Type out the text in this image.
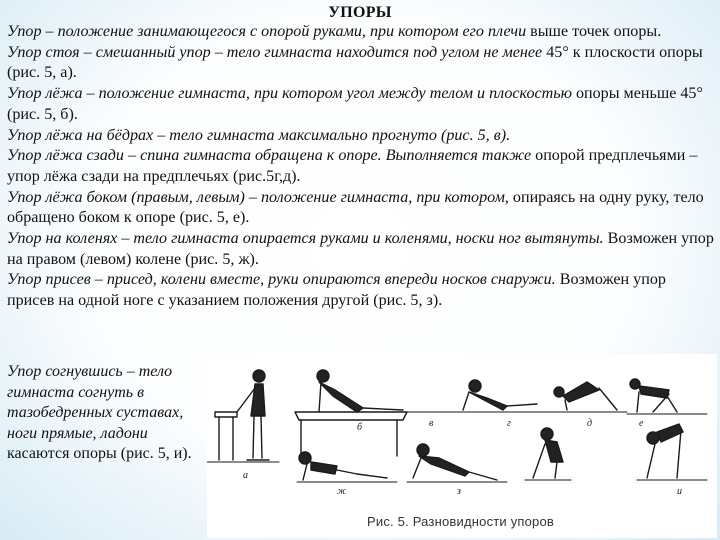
УПОРЫ

Упор – положение занимающегося с опорой руками, при котором его плечи выше точек опоры.

Упор стоя – смешанный упор – тело гимнаста находится под углом не менее 45° к плоскости опоры (рис. 5, а).

Упор лёжа – положение гимнаста, при котором угол между телом и плоскостью опоры меньше 45°(рис. 5, б).

Упор лёжа на бёдрах – тело гимнаста максимально прогнуто (рис. 5, в).

Упор лёжа сзади – спина гимнаста обращена к опоре. Выполняется также опорой предплечьями – упор лёжа сзади на предплечьях (рис.5г,д).

Упор лёжа боком (правым, левым) – положение гимнаста, при котором, опираясь на одну руку, тело обращено боком к опоре (рис. 5, е).

Упор на коленях – тело гимнаста опирается руками и коленями, носки ног вытянуты. Возможен упор на правом (левом) колене (рис. 5, ж).

Упор присев – присед, колени вместе, руки опираются впереди носков снаружи. Возможен упор присев на одной ноге с указанием положения другой (рис. 5, з).

Упор согнувшись – тело гимнаста согнуть в тазобедренных суставах, ноги прямые, ладони касаются опоры (рис. 5, и).

а
б	в	г	д	е
ж	з	и
Рис. 5. Разновидности упоров
